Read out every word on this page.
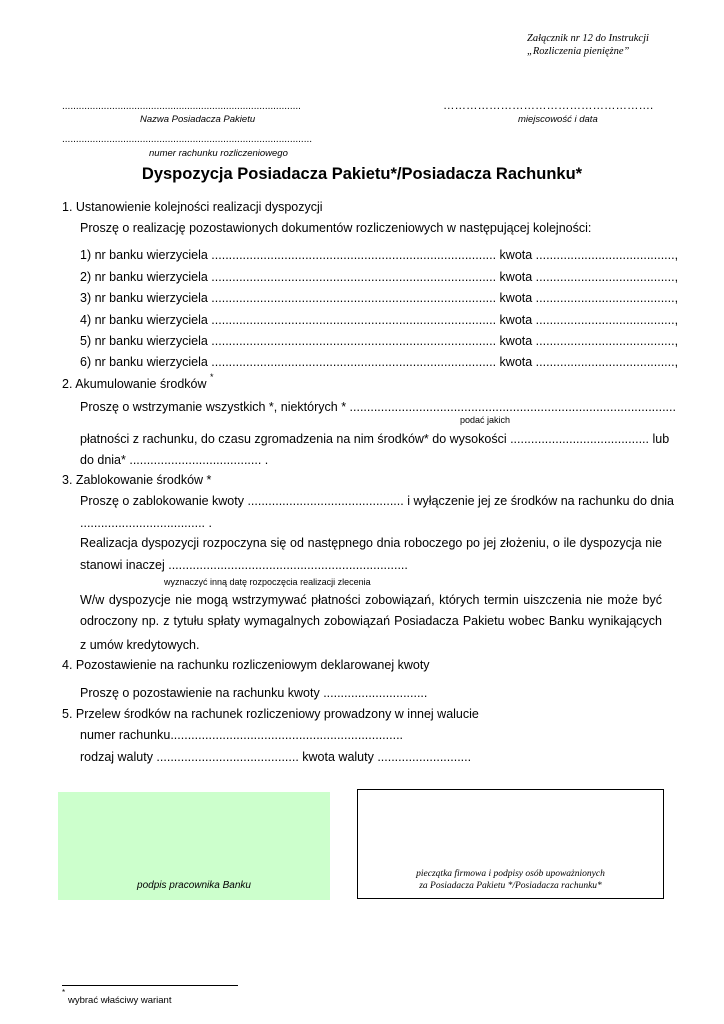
Załącznik nr 12 do Instrukcji
„Rozliczenia pieniężne”
......................................................................................
Nazwa Posiadacza Pakietu
……………………………………………….
miejscowość i data
..........................................................................................
numer rachunku rozliczeniowego
Dyspozycja Posiadacza Pakietu*/Posiadacza Rachunku*
1. Ustanowienie kolejności realizacji dyspozycji
Proszę o realizację pozostawionych dokumentów rozliczeniowych w następującej kolejności:
1) nr banku wierzyciela .................................................................................. kwota ........................................,
2) nr banku wierzyciela .................................................................................. kwota ........................................,
3) nr banku wierzyciela .................................................................................. kwota ........................................,
4) nr banku wierzyciela .................................................................................. kwota ........................................,
5) nr banku wierzyciela .................................................................................. kwota ........................................,
6) nr banku wierzyciela .................................................................................. kwota ........................................,
2. Akumulowanie środków *
Proszę o wstrzymanie wszystkich *, niektórych * ..............................................................................................
podać jakich
płatności z rachunku, do czasu zgromadzenia na nim środków* do wysokości ........................................ lub
do dnia* ...................................... .
3. Zablokowanie środków *
Proszę o zablokowanie kwoty ............................................. i wyłączenie jej ze środków na rachunku do dnia
.................................... .
Realizacja dyspozycji rozpoczyna się od następnego dnia roboczego po jej złożeniu, o ile dyspozycja nie
stanowi inaczej .....................................................................
wyznaczyć inną datę rozpoczęcia realizacji zlecenia
W/w dyspozycje nie mogą wstrzymywać płatności zobowiązań, których termin uiszczenia nie może być
odroczony np. z tytułu spłaty wymagalnych zobowiązań Posiadacza Pakietu wobec Banku wynikających
z umów kredytowych.
4. Pozostawienie na rachunku rozliczeniowym deklarowanej kwoty
Proszę o pozostawienie na rachunku kwoty ..............................
5. Przelew środków na rachunek rozliczeniowy prowadzony w innej walucie
numer rachunku...................................................................
rodzaj waluty ......................................... kwota waluty ...........................
podpis pracownika Banku
pieczątka firmowa i podpisy osób upoważnionych
za Posiadacza Pakietu */Posiadacza rachunku*
*
wybrać właściwy wariant
